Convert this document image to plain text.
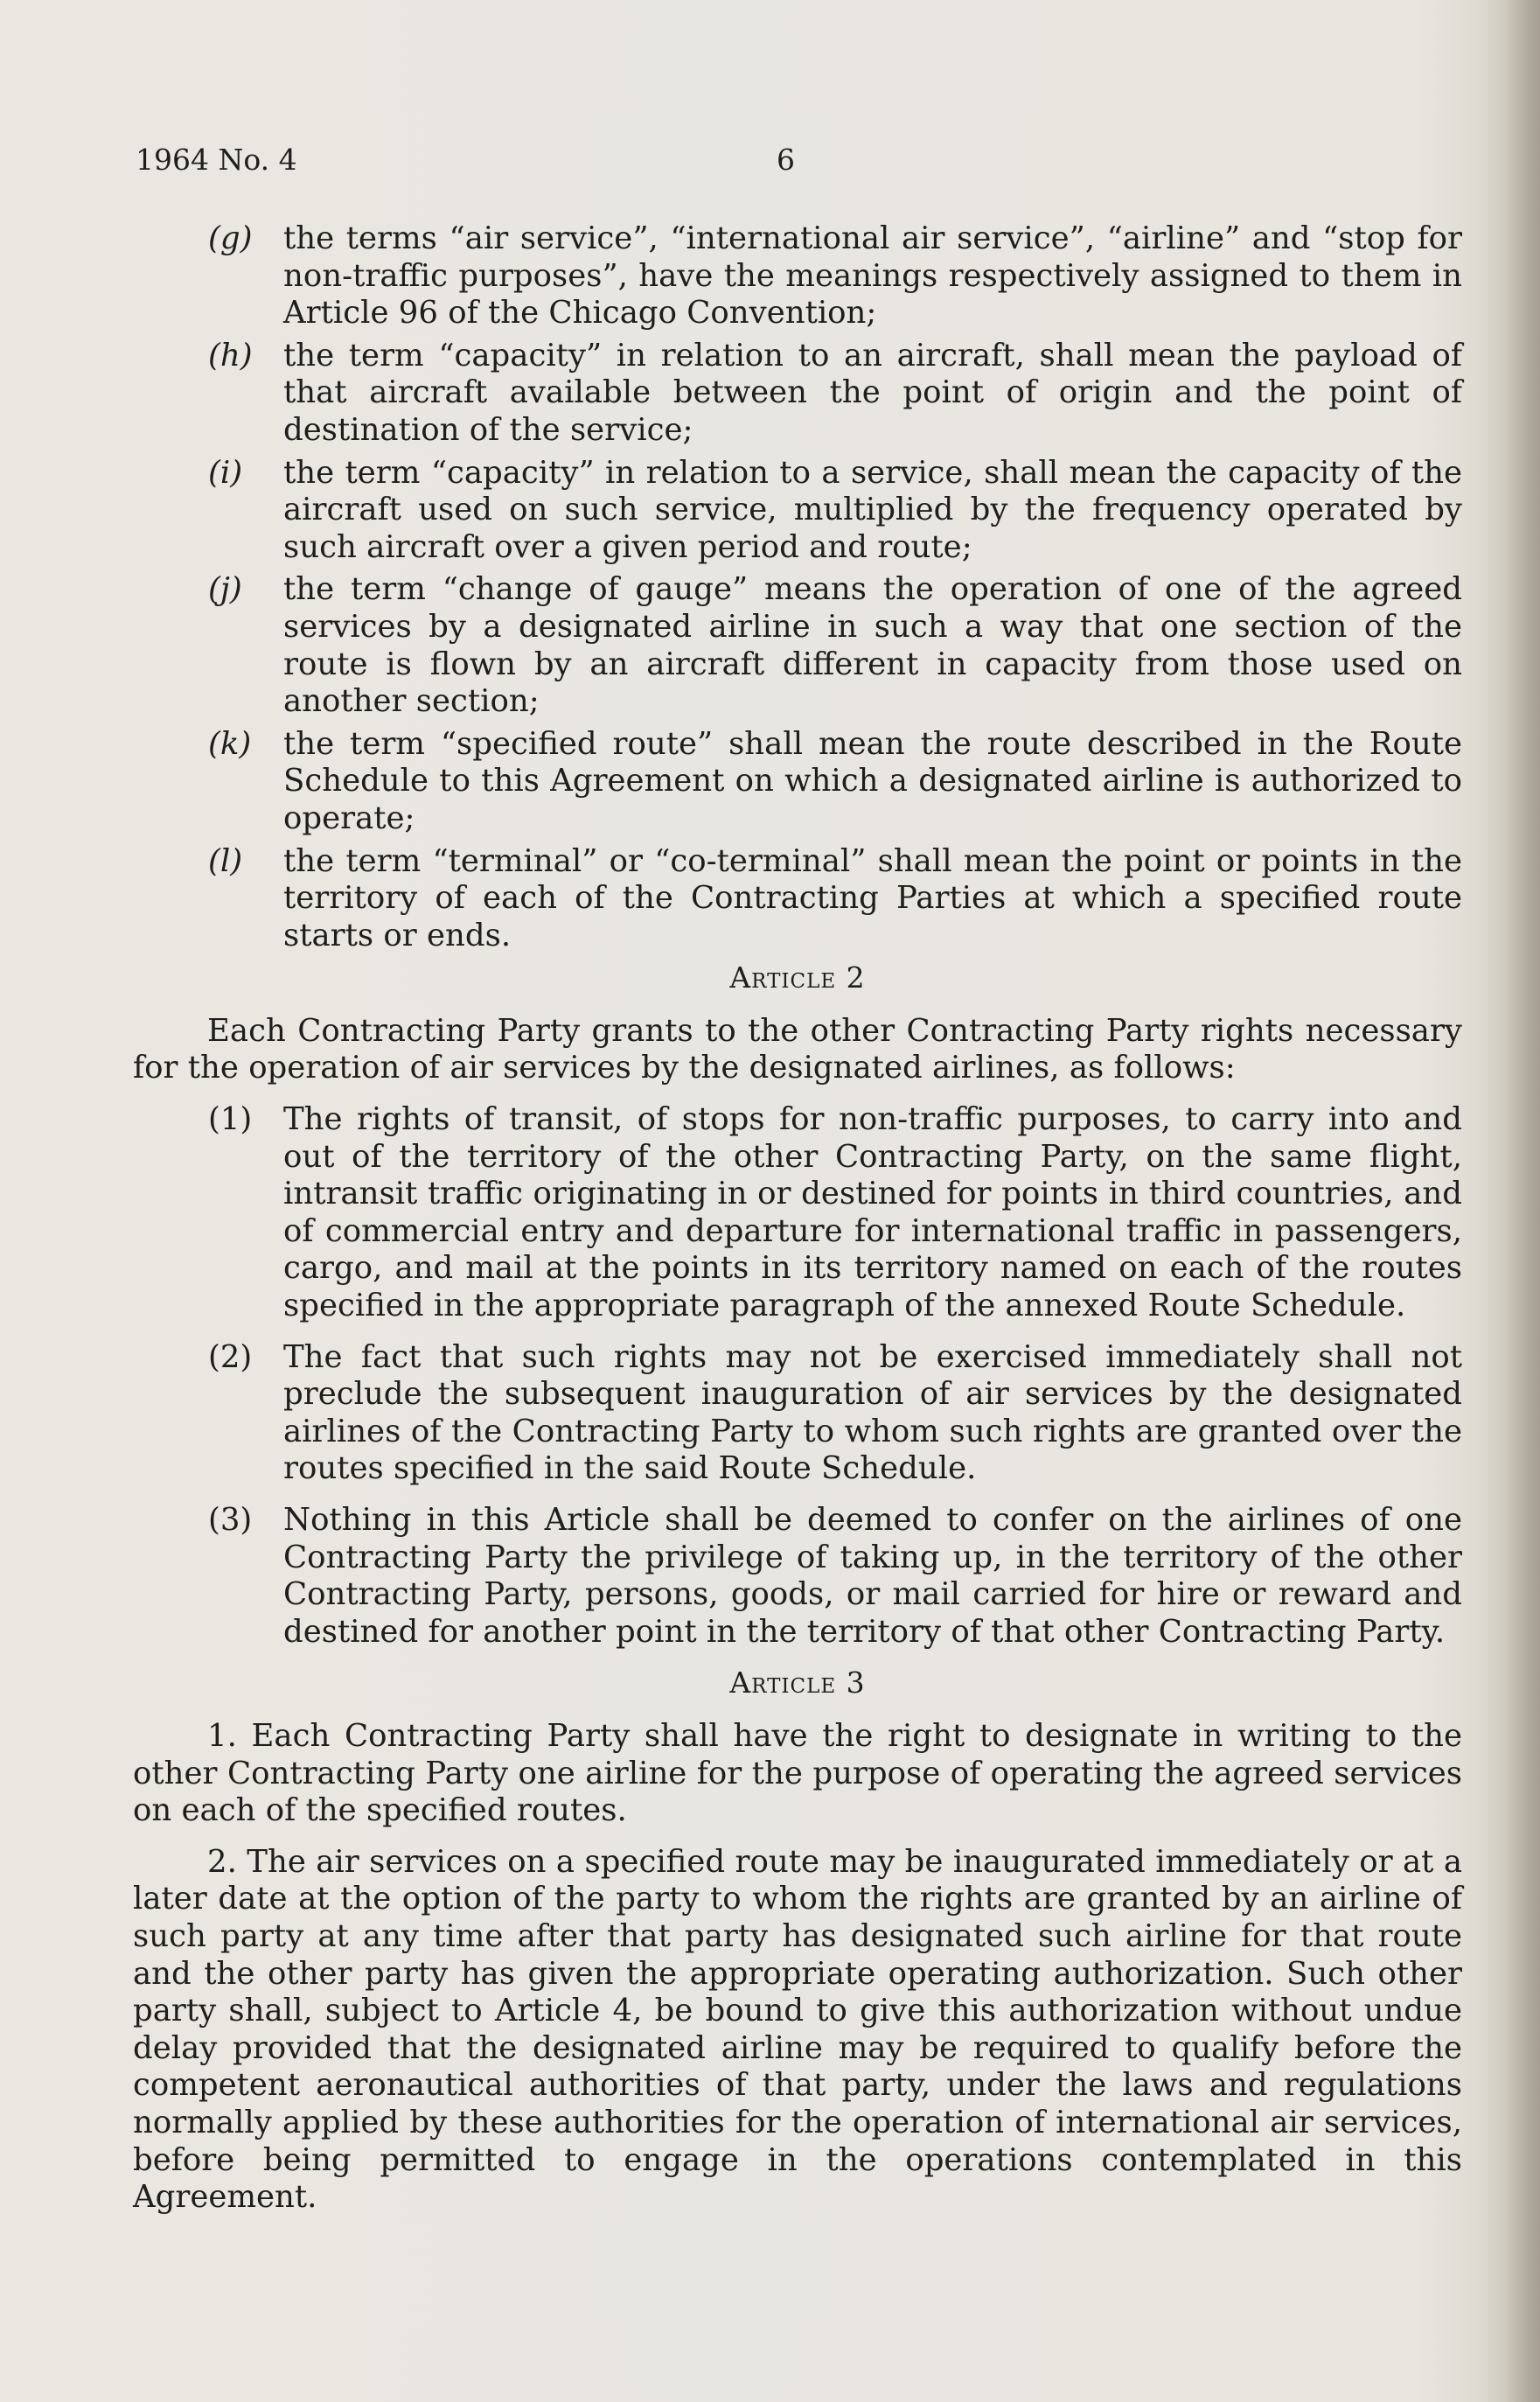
1964 No. 4	6
(g)	the terms “air service”, “international air service”, “airline” and “stop for non-traffic purposes”, have the meanings respectively assigned to them in Article 96 of the Chicago Convention;
(h) the term “capacity” in relation to an aircraft, shall mean the payload of that aircraft available between the point of origin and the point of destination of the service;
(i)	the term “capacity” in relation to a service, shall mean the capacity of the aircraft used on such service, multiplied by the frequency operated by such aircraft over a given period and route;
(j)	the term “change of gauge” means the operation of one of the agreed services by a designated airline in such a way that one section of the route is flown by an aircraft different in capacity from those used on another section;
(k)	the term “specified route” shall mean the route described in the Route Schedule to this Agreement on which a designated airline is authorized to operate;
(l)	the term “terminal” or “co-terminal” shall mean the point or points in the territory of each of the Contracting Parties at which a specified route starts or ends.
Article 2
Each Contracting Party grants to the other Contracting Party rights necessary for the operation of air services by the designated airlines, as follows:
(1)	The rights of transit, of stops for non-traffic purposes, to carry into and out of the territory of the other Contracting Party, on the same flight, intransit traffic originating in or destined for points in third countries, and of commercial entry and departure for international traffic in passengers, cargo, and mail at the points in its territory named on each of the routes specified in the appropriate paragraph of the annexed Route Schedule.
(2)	The fact that such rights may not be exercised immediately shall not preclude the subsequent inauguration of air services by the designated airlines of the Contracting Party to whom such rights are granted over the routes specified in the said Route Schedule.
(3)	Nothing in this Article shall be deemed to confer on the airlines of one Contracting Party the privilege of taking up, in the territory of the other Contracting Party, persons, goods, or mail carried for hire or reward and destined for another point in the territory of that other Contracting Party.
Article 3
1. Each Contracting Party shall have the right to designate in writing to the other Contracting Party one airline for the purpose of operating the agreed services on each of the specified routes.
2. The air services on a specified route may be inaugurated immediately or at a later date at the option of the party to whom the rights are granted by an airline of such party at any time after that party has designated such airline for that route and the other party has given the appropriate operating authorization. Such other party shall, subject to Article 4, be bound to give this authorization without undue delay provided that the designated airline may be required to qualify before the competent aeronautical authorities of that party, under the laws and regulations normally applied by these authorities for the operation of international air services, before being permitted to engage in the operations contemplated in this Agreement.
